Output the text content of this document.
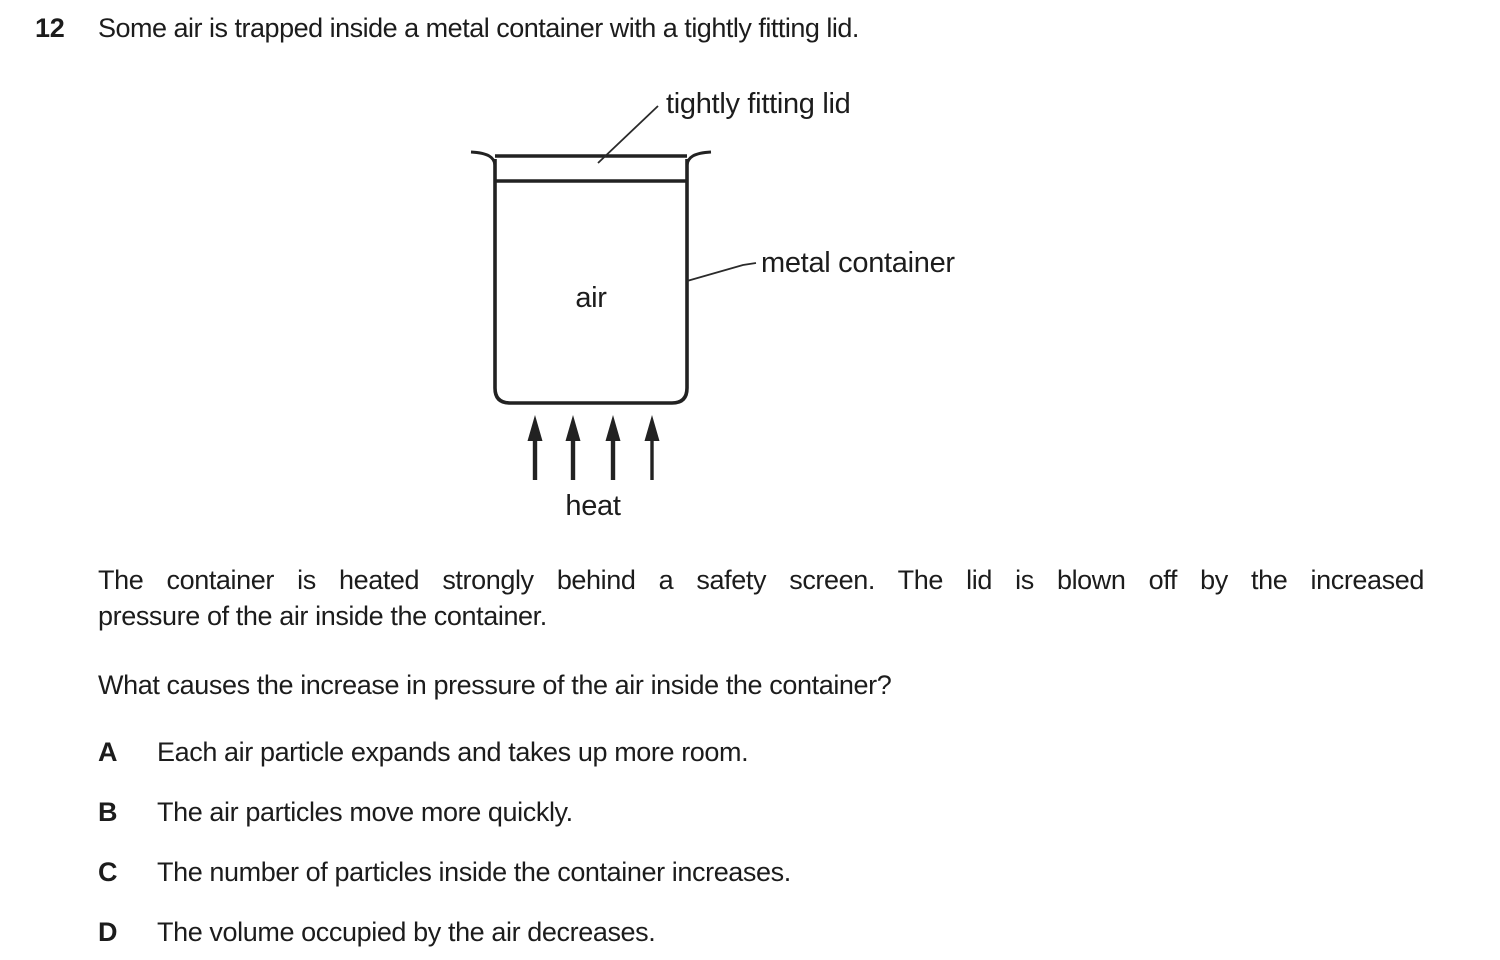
12 Some air is trapped inside a metal container with a tightly fitting lid.
tightly fitting lid
metal container
air
heat
The container is heated strongly behind a safety screen. The lid is blown off by the increased
pressure of the air inside the container.
What causes the increase in pressure of the air inside the container?
A Each air particle expands and takes up more room.
B The air particles move more quickly.
C The number of particles inside the container increases.
D The volume occupied by the air decreases.
